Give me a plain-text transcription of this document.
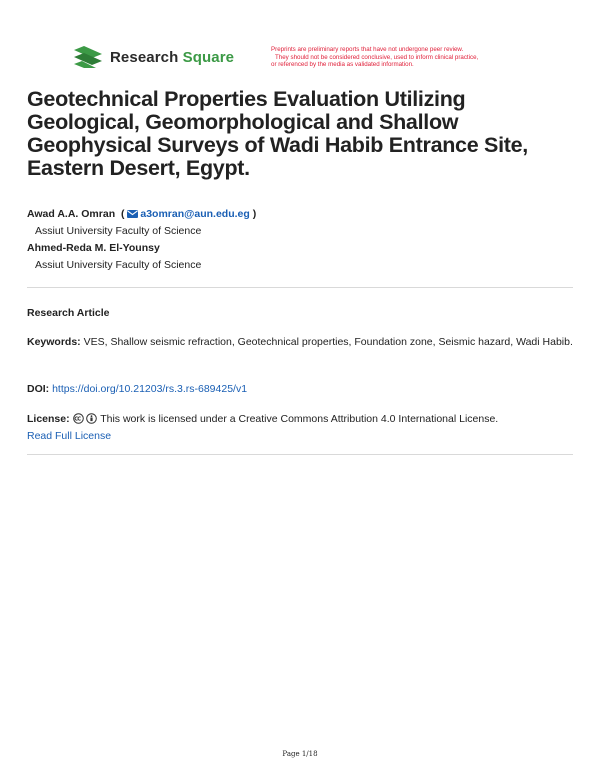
Research Square	Preprints are preliminary reports that have not undergone peer review.
They should not be considered conclusive, used to inform clinical practice,
or referenced by the media as validated information.
Geotechnical Properties Evaluation Utilizing Geological, Geomorphological and Shallow Geophysical Surveys of Wadi Habib Entrance Site, Eastern Desert, Egypt.
Awad A.A. Omran  ( a3omran@aun.edu.eg )
Assiut University Faculty of Science
Ahmed-Reda M. El-Younsy
Assiut University Faculty of Science
Research Article
Keywords: VES, Shallow seismic refraction, Geotechnical properties, Foundation zone, Seismic hazard, Wadi Habib.
DOI: https://doi.org/10.21203/rs.3.rs-689425/v1
License:	This work is licensed under a Creative Commons Attribution 4.0 International License.
Read Full License
Page 1/18
